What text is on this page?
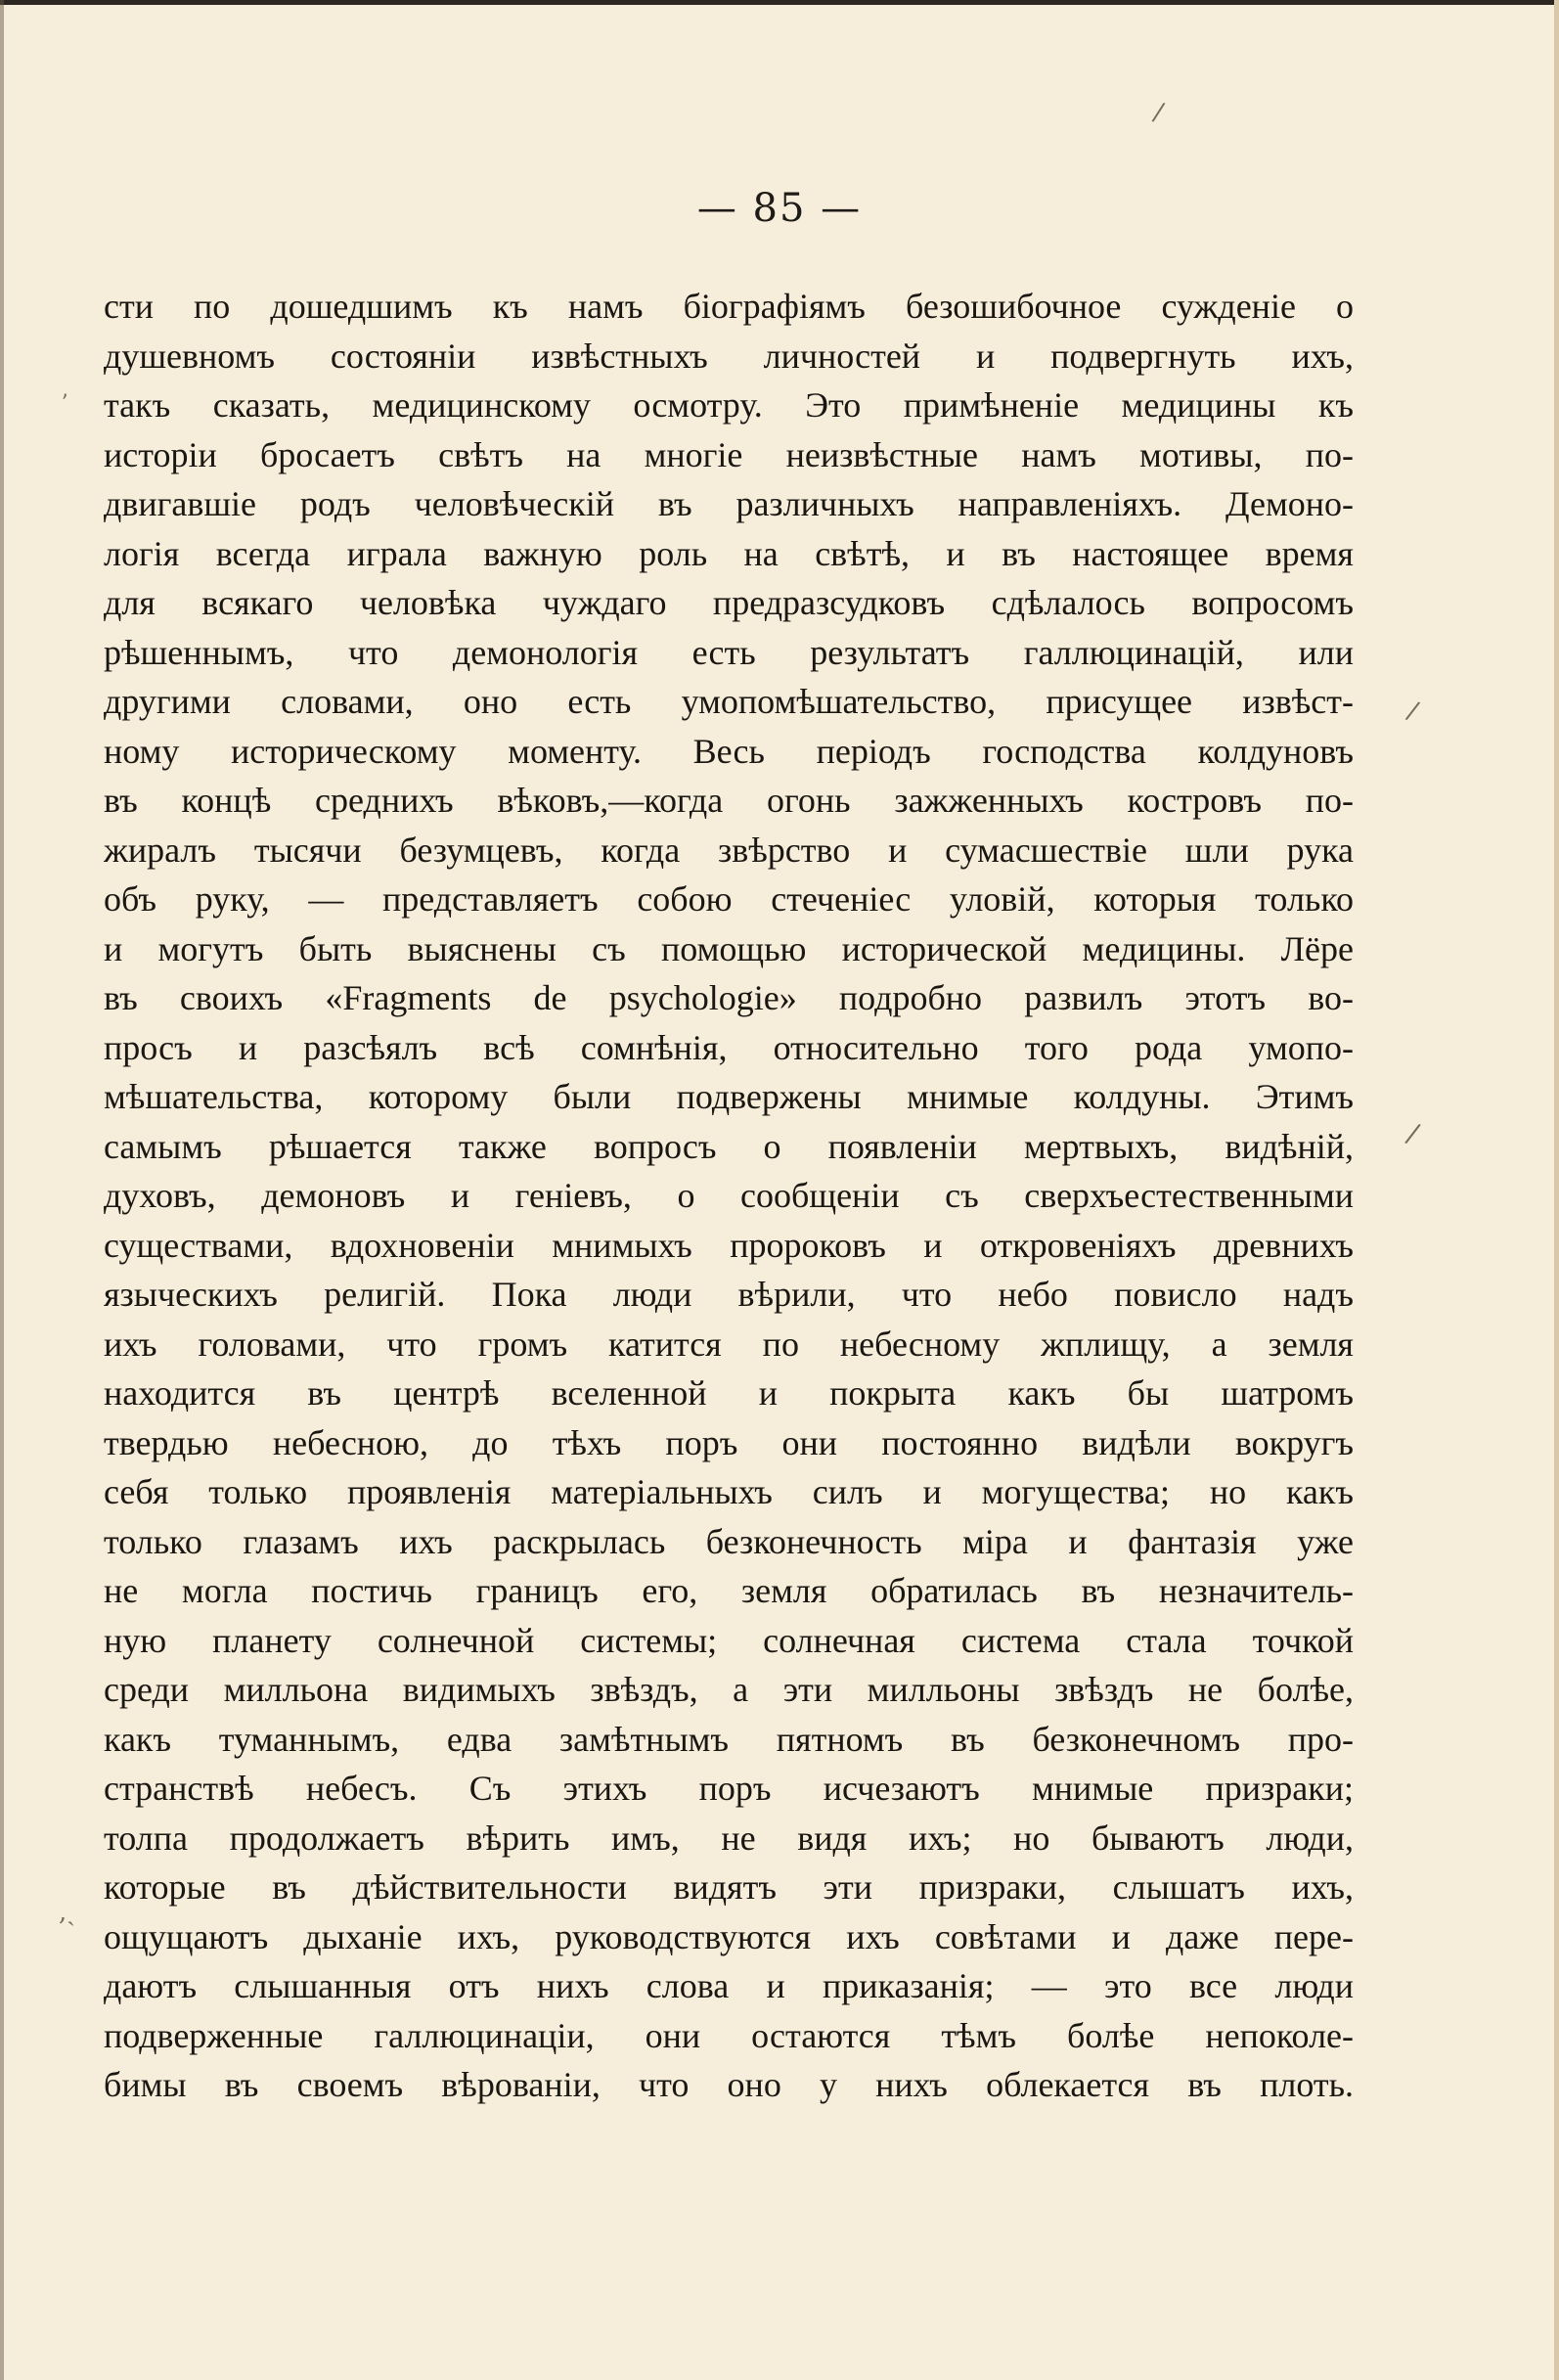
— 85 —
сти по дошедшимъ къ намъ біографіямъ безошибочное сужденіе о
душевномъ состояніи извѣстныхъ личностей и подвергнуть ихъ,
такъ сказать, медицинскому осмотру. Это примѣненіе медицины къ
исторіи бросаетъ свѣтъ на многіе неизвѣстные намъ мотивы, по-
двигавшіе родъ человѣческій въ различныхъ направленіяхъ. Демоно-
логія всегда играла важную роль на свѣтѣ, и въ настоящее время
для всякаго человѣка чуждаго предразсудковъ сдѣлалось вопросомъ
рѣшеннымъ, что демонологія есть результатъ галлюцинацій, или
другими словами, оно есть умопомѣшательство, присущее извѣст-
ному историческому моменту. Весь періодъ господства колдуновъ
въ концѣ среднихъ вѣковъ,—когда огонь зажженныхъ костровъ по-
жиралъ тысячи безумцевъ, когда звѣрство и сумасшествіе шли рука
объ руку, — представляетъ собою стеченіес уловій, которыя только
и могутъ быть выяснены съ помощью исторической медицины. Лёре
въ своихъ «Fragments de psychologie» подробно развилъ этотъ во-
просъ и разсѣялъ всѣ сомнѣнія, относительно того рода умопо-
мѣшательства, которому были подвержены мнимые колдуны. Этимъ
самымъ рѣшается также вопросъ о появленіи мертвыхъ, видѣній,
духовъ, демоновъ и геніевъ, о сообщеніи съ сверхъестественными
существами, вдохновеніи мнимыхъ пророковъ и откровеніяхъ древнихъ
языческихъ религій. Пока люди вѣрили, что небо повисло надъ
ихъ головами, что громъ катится по небесному жплищу, а земля
находится въ центрѣ вселенной и покрыта какъ бы шатромъ
твердью небесною, до тѣхъ поръ они постоянно видѣли вокругъ
себя только проявленія матеріальныхъ силъ и могущества; но какъ
только глазамъ ихъ раскрылась безконечность міра и фантазія уже
не могла постичь границъ его, земля обратилась въ незначитель-
ную планету солнечной системы; солнечная система стала точкой
среди милльона видимыхъ звѣздъ, а эти милльоны звѣздъ не болѣе,
какъ туманнымъ, едва замѣтнымъ пятномъ въ безконечномъ про-
странствѣ небесъ. Съ этихъ поръ исчезаютъ мнимые призраки;
толпа продолжаетъ вѣрить имъ, не видя ихъ; но бываютъ люди,
которые въ дѣйствительности видятъ эти призраки, слышатъ ихъ,
ощущаютъ дыханіе ихъ, руководствуются ихъ совѣтами и даже пере-
даютъ слышанныя отъ нихъ слова и приказанія; — это все люди
подверженные галлюцинаціи, они остаются тѣмъ болѣе непоколе-
бимы въ своемъ вѣрованіи, что оно у нихъ облекается въ плоть.
ʼ
/
/
/
,ˎ
